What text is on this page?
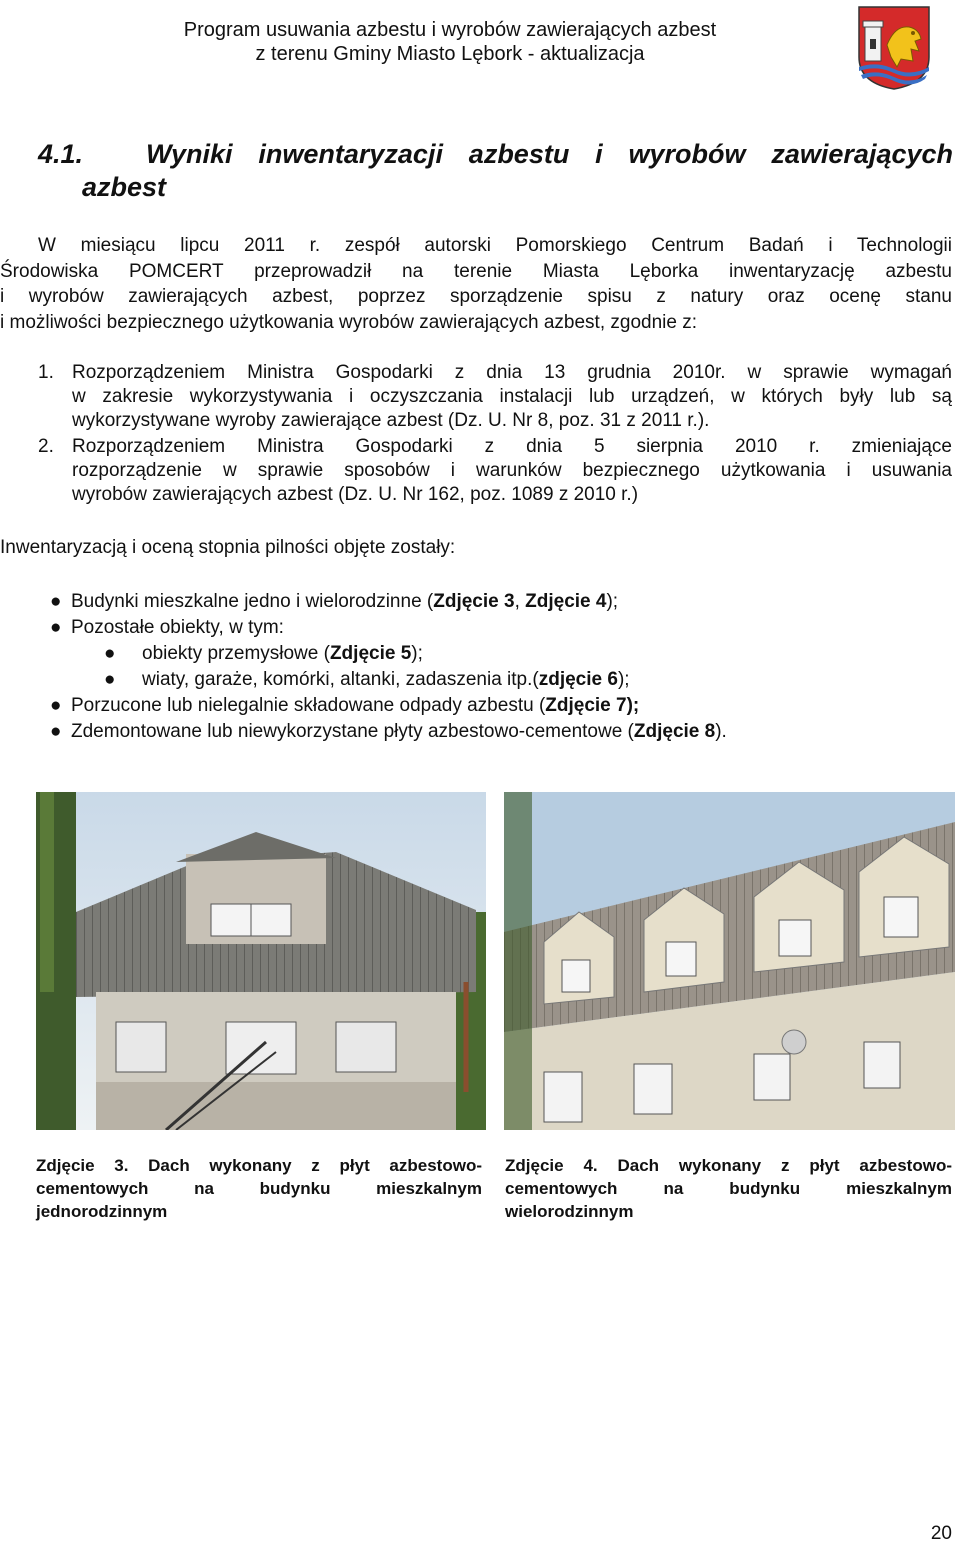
Program usuwania azbestu i wyrobów zawierających azbest
z terenu Gminy Miasto Lębork - aktualizacja
4.1.	Wyniki inwentaryzacji azbestu i wyrobów zawierających
azbest
W miesiącu lipcu 2011 r. zespół autorski Pomorskiego Centrum Badań i Technologii
Środowiska POMCERT przeprowadził na terenie Miasta Lęborka inwentaryzację azbestu
i wyrobów zawierających azbest, poprzez sporządzenie spisu z natury oraz ocenę stanu
i możliwości bezpiecznego użytkowania wyrobów zawierających azbest, zgodnie z:
1. Rozporządzeniem Ministra Gospodarki z dnia 13 grudnia 2010r. w sprawie wymagań
w zakresie wykorzystywania i oczyszczania instalacji lub urządzeń, w których były lub są
wykorzystywane wyroby zawierające azbest (Dz. U. Nr 8, poz. 31 z 2011 r.).
2. Rozporządzeniem Ministra Gospodarki z dnia 5 sierpnia 2010 r. zmieniające
rozporządzenie w sprawie sposobów i warunków bezpiecznego użytkowania i usuwania
wyrobów zawierających azbest (Dz. U. Nr 162, poz. 1089 z 2010 r.)
Inwentaryzacją i oceną stopnia pilności objęte zostały:
● Budynki mieszkalne jedno i wielorodzinne (Zdjęcie 3, Zdjęcie 4);
● Pozostałe obiekty, w tym:
● obiekty przemysłowe (Zdjęcie 5);
● wiaty, garaże, komórki, altanki, zadaszenia itp.(zdjęcie 6);
● Porzucone lub nielegalnie składowane odpady azbestu (Zdjęcie 7);
● Zdemontowane lub niewykorzystane płyty azbestowo-cementowe (Zdjęcie 8).
Zdjęcie 3. Dach wykonany z płyt azbestowo-
cementowych na budynku mieszkalnym
jednorodzinnym
Zdjęcie 4. Dach wykonany z płyt azbestowo-
cementowych na budynku mieszkalnym
wielorodzinnym
20
